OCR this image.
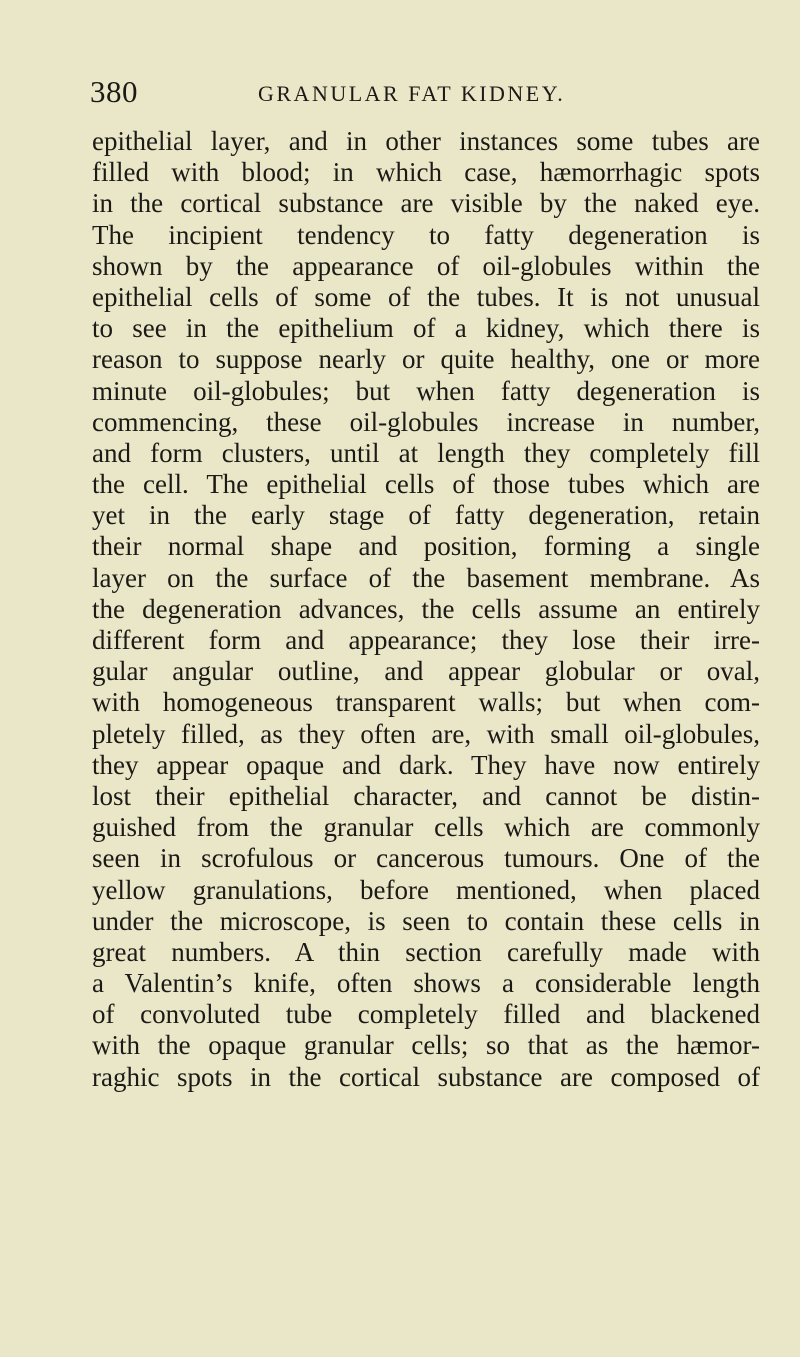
380	GRANULAR FAT KIDNEY.
epithelial layer, and in other instances some tubes are
filled with blood; in which case, hæmorrhagic spots
in the cortical substance are visible by the naked eye.
The incipient tendency to fatty degeneration is
shown by the appearance of oil-globules within the
epithelial cells of some of the tubes. It is not unusual
to see in the epithelium of a kidney, which there is
reason to suppose nearly or quite healthy, one or more
minute oil-globules; but when fatty degeneration is
commencing, these oil-globules increase in number,
and form clusters, until at length they completely fill
the cell. The epithelial cells of those tubes which are
yet in the early stage of fatty degeneration, retain
their normal shape and position, forming a single
layer on the surface of the basement membrane. As
the degeneration advances, the cells assume an entirely
different form and appearance; they lose their irre-
gular angular outline, and appear globular or oval,
with homogeneous transparent walls; but when com-
pletely filled, as they often are, with small oil-globules,
they appear opaque and dark. They have now entirely
lost their epithelial character, and cannot be distin-
guished from the granular cells which are commonly
seen in scrofulous or cancerous tumours. One of the
yellow granulations, before mentioned, when placed
under the microscope, is seen to contain these cells in
great numbers. A thin section carefully made with
a Valentin’s knife, often shows a considerable length
of convoluted tube completely filled and blackened
with the opaque granular cells; so that as the hæmor-
raghic spots in the cortical substance are composed of
